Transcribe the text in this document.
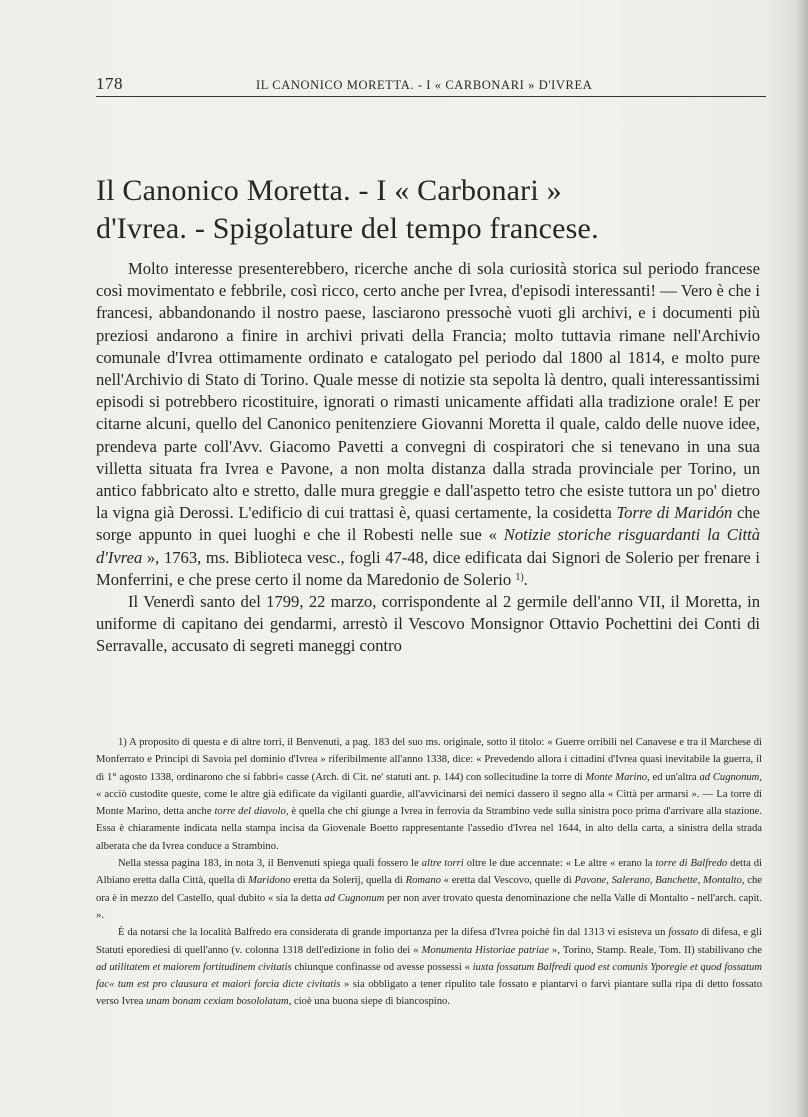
178	IL CANONICO MORETTA. - I « CARBONARI » D'IVREA
Il Canonico Moretta. - I « Carbonari »
d'Ivrea. - Spigolature del tempo francese.

Molto interesse presenterebbero, ricerche anche di sola curiosità storica sul periodo francese così movimentato e febbrile, così ricco, certo anche per Ivrea, d'episodi interessanti! — Vero è che i francesi, abbandonando il nostro paese, lasciarono pressochè vuoti gli archivi, e i documenti più preziosi andarono a finire in archivi privati della Francia; molto tuttavia rimane nell'Archivio comunale d'Ivrea ottimamente ordinato e catalogato pel periodo dal 1800 al 1814, e molto pure nell'Archivio di Stato di Torino. Quale messe di notizie sta sepolta là dentro, quali interessantissimi episodi si potrebbero ricostituire, ignorati o rimasti unicamente affidati alla tradizione orale! E per citarne alcuni, quello del Canonico penitenziere Giovanni Moretta il quale, caldo delle nuove idee, prendeva parte coll'Avv. Giacomo Pavetti a convegni di cospiratori che si tenevano in una sua villetta situata fra Ivrea e Pavone, a non molta distanza dalla strada provinciale per Torino, un antico fabbricato alto e stretto, dalle mura greggie e dall'aspetto tetro che esiste tuttora un po' dietro la vigna già Derossi. L'edificio di cui trattasi è, quasi certamente, la cosidetta Torre di Maridón che sorge appunto in quei luoghi e che il Robesti nelle sue « Notizie storiche risguardanti la Città d'Ivrea », 1763, ms. Biblioteca vesc., fogli 47-48, dice edificata dai Signori de Solerio per frenare i Monferrini, e che prese certo il nome da Maredonio de Solerio $^{1)}$.

Il Venerdì santo del 1799, 22 marzo, corrispondente al 2 germile dell'anno VII, il Moretta, in uniforme di capitano dei gendarmi, arrestò il Vescovo Monsignor Ottavio Pochettini dei Conti di Serravalle, accusato di segreti maneggi contro

1) A proposito di questa e di altre torri, il Benvenuti, a pag. 183 del suo ms. originale, sotto il titolo: « Guerre orribili nel Canavese e tra il Marchese di Monferrato e Principi di Savoia pel dominio d'Ivrea » riferibilmente all'anno 1338, dice: « Prevedendo allora i cittadini d'Ivrea quasi inevitabile la guerra, il dì 1° agosto 1338, ordinarono che si fabbri« casse (Arch. di Cit. ne' statuti ant. p. 144) con sollecitudine la torre di Monte Marino, ed un'altra ad Cugnonum, « acciò custodite queste, come le altre già edificate da vigilanti guardie, all'avvicinarsi dei nemici dassero il segno alla « Città per armarsi ». — La torre di Monte Marino, detta anche torre del diavolo, è quella che chi giunge a Ivrea in ferrovia da Strambino vede sulla sinistra poco prima d'arrivare alla stazione. Essa è chiaramente indicata nella stampa incisa da Giovenale Boetto rappresentante l'assedio d'Ivrea nel 1644, in alto della carta, a sinistra della strada alberata che da Ivrea conduce a Strambino.

Nella stessa pagina 183, in nota 3, il Benvenuti spiega quali fossero le altre torri oltre le due accennate: « Le altre « erano la torre di Balfredo detta di Albiano eretta dalla Città, quella di Maridono eretta da Solerij, quella di Romano « eretta dal Vescovo, quelle di Pavone, Salerano, Banchette, Montalto, che ora è in mezzo del Castello, qual dubito « sia la detta ad Cugnonum per non aver trovato questa denominazione che nella Valle di Montalto - nell'arch. capit. ».

È da notarsi che la località Balfredo era considerata di grande importanza per la difesa d'Ivrea poichè fin dal 1313 vi esisteva un fossato di difesa, e gli Statuti eporediesi di quell'anno (v. colonna 1318 dell'edizione in folio dei « Monumenta Historiae patriae », Torino, Stamp. Reale, Tom. II) stabilivano che ad utilitatem et maiorem fortitudinem civitatis chiunque confinasse od avesse possessi « iuxta fossatum Balfredi quod est comunis Yporegie et quod fossatum fac« tum est pro clausura et maiori forcia dicte civitatis » sia obbligato a tener ripulito tale fossato e piantarvi o farvi piantare sulla ripa di detto fossato verso Ivrea unam bonam cexiam bosololatam, cioè una buona siepe di biancospino.
